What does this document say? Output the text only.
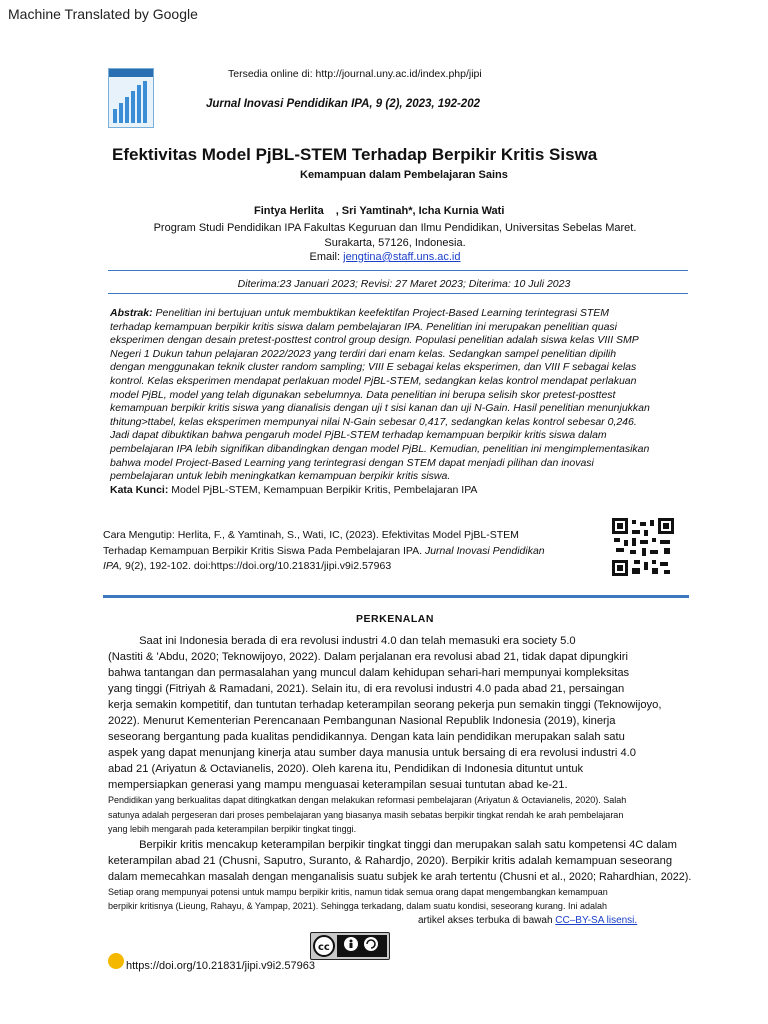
Machine Translated by Google
Tersedia online di: http://journal.uny.ac.id/index.php/jipi
Jurnal Inovasi Pendidikan IPA, 9 (2), 2023, 192-202
Efektivitas Model PjBL-STEM Terhadap Berpikir Kritis Siswa
Kemampuan dalam Pembelajaran Sains
Fintya Herlita , Sri Yamtinah*, Icha Kurnia Wati
Program Studi Pendidikan IPA Fakultas Keguruan dan Ilmu Pendidikan, Universitas Sebelas Maret.
Surakarta, 57126, Indonesia.
Email: jengtina@staff.uns.ac.id
Diterima:23 Januari 2023; Revisi: 27 Maret 2023; Diterima: 10 Juli 2023
Abstrak: Penelitian ini bertujuan untuk membuktikan keefektifan Project-Based Learning terintegrasi STEM
terhadap kemampuan berpikir kritis siswa dalam pembelajaran IPA. Penelitian ini merupakan penelitian quasi
eksperimen dengan desain pretest-posttest control group design. Populasi penelitian adalah siswa kelas VIII SMP
Negeri 1 Dukun tahun pelajaran 2022/2023 yang terdiri dari enam kelas. Sedangkan sampel penelitian dipilih
dengan menggunakan teknik cluster random sampling; VIII E sebagai kelas eksperimen, dan VIII F sebagai kelas
kontrol. Kelas eksperimen mendapat perlakuan model PjBL-STEM, sedangkan kelas kontrol mendapat perlakuan
model PjBL, model yang telah digunakan sebelumnya. Data penelitian ini berupa selisih skor pretest-posttest
kemampuan berpikir kritis siswa yang dianalisis dengan uji t sisi kanan dan uji N-Gain. Hasil penelitian menunjukkan
thitung>ttabel, kelas eksperimen mempunyai nilai N-Gain sebesar 0,417, sedangkan kelas kontrol sebesar 0,246.
Jadi dapat dibuktikan bahwa pengaruh model PjBL-STEM terhadap kemampuan berpikir kritis siswa dalam
pembelajaran IPA lebih signifikan dibandingkan dengan model PjBL. Kemudian, penelitian ini mengimplementasikan
bahwa model Project-Based Learning yang terintegrasi dengan STEM dapat menjadi pilihan dan inovasi
pembelajaran untuk lebih meningkatkan kemampuan berpikir kritis siswa.
Kata Kunci: Model PjBL-STEM, Kemampuan Berpikir Kritis, Pembelajaran IPA
Cara Mengutip: Herlita, F., & Yamtinah, S., Wati, IC, (2023). Efektivitas Model PjBL-STEM
Terhadap Kemampuan Berpikir Kritis Siswa Pada Pembelajaran IPA. Jurnal Inovasi Pendidikan
IPA, 9(2), 192-102. doi:https://doi.org/10.21831/jipi.v9i2.57963
PERKENALAN
Saat ini Indonesia berada di era revolusi industri 4.0 dan telah memasuki era society 5.0
(Nastiti & 'Abdu, 2020; Teknowijoyo, 2022). Dalam perjalanan era revolusi abad 21, tidak dapat dipungkiri
bahwa tantangan dan permasalahan yang muncul dalam kehidupan sehari-hari mempunyai kompleksitas
yang tinggi (Fitriyah & Ramadani, 2021). Selain itu, di era revolusi industri 4.0 pada abad 21, persaingan
kerja semakin kompetitif, dan tuntutan terhadap keterampilan seorang pekerja pun semakin tinggi (Teknowijoyo,
2022). Menurut Kementerian Perencanaan Pembangunan Nasional Republik Indonesia (2019), kinerja
seseorang bergantung pada kualitas pendidikannya. Dengan kata lain pendidikan merupakan salah satu
aspek yang dapat menunjang kinerja atau sumber daya manusia untuk bersaing di era revolusi industri 4.0
abad 21 (Ariyatun & Octavianelis, 2020). Oleh karena itu, Pendidikan di Indonesia dituntut untuk
mempersiapkan generasi yang mampu menguasai keterampilan sesuai tuntutan abad ke-21.
Pendidikan yang berkualitas dapat ditingkatkan dengan melakukan reformasi pembelajaran (Ariyatun & Octavianelis, 2020). Salah
satunya adalah pergeseran dari proses pembelajaran yang biasanya masih sebatas berpikir tingkat rendah ke arah pembelajaran
yang lebih mengarah pada keterampilan berpikir tingkat tinggi.
Berpikir kritis mencakup keterampilan berpikir tingkat tinggi dan merupakan salah satu kompetensi 4C dalam
keterampilan abad 21 (Chusni, Saputro, Suranto, & Rahardjo, 2020). Berpikir kritis adalah kemampuan seseorang
dalam memecahkan masalah dengan menganalisis suatu subjek ke arah tertentu (Chusni et al., 2020; Rahardhian, 2022).
Setiap orang mempunyai potensi untuk mampu berpikir kritis, namun tidak semua orang dapat mengembangkan kemampuan
berpikir kritisnya (Lieung, Rahayu, & Yampap, 2021). Sehingga terkadang, dalam suatu kondisi, seseorang kurang. Ini adalah
artikel akses terbuka di bawah CC–BY-SA lisensi.
cc
https://doi.org/10.21831/jipi.v9i2.57963
